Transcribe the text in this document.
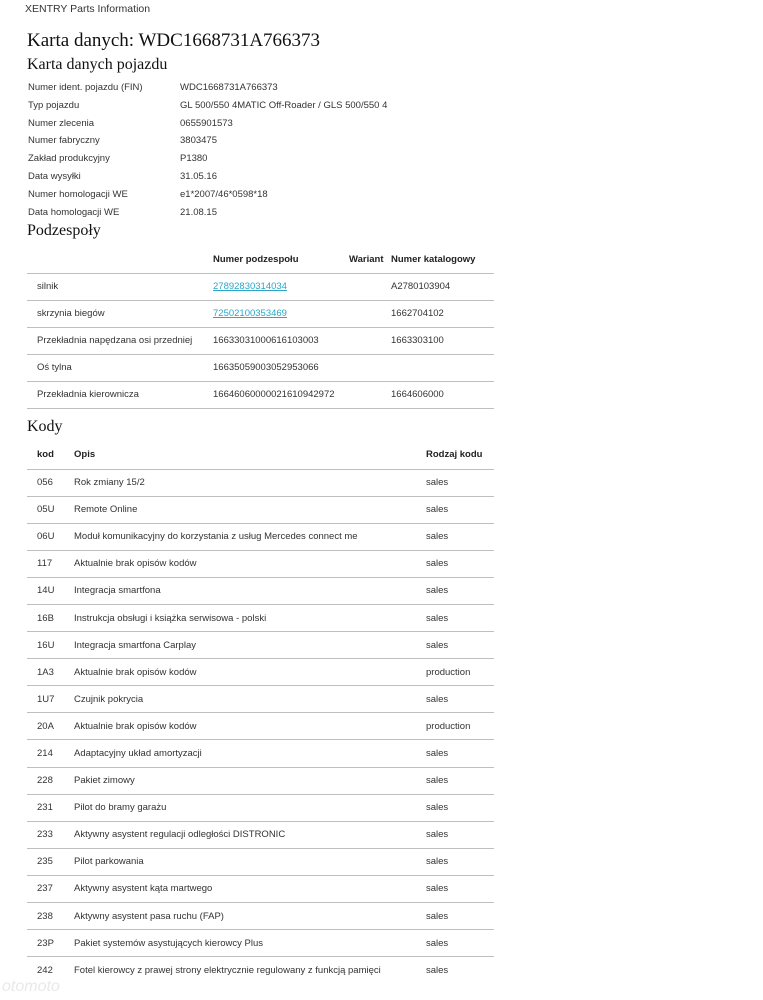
XENTRY Parts Information
Karta danych: WDC1668731A766373
Karta danych pojazdu
Numer ident. pojazdu (FIN)	WDC1668731A766373
Typ pojazdu	GL 500/550 4MATIC Off-Roader / GLS 500/550 4
Numer zlecenia	0655901573
Numer fabryczny	3803475
Zakład produkcyjny	P1380
Data wysyłki	31.05.16
Numer homologacji WE	e1*2007/46*0598*18
Data homologacji WE	21.08.15
Podzespoły
	Numer podzespołu	Wariant	Numer katalogowy
silnik	27892830314034		A2780103904
skrzynia biegów	72502100353469		1662704102
Przekładnia napędzana osi przedniej	16633031000616103003		1663303100
Oś tylna	16635059003052953066		
Przekładnia kierownicza	16646060000021610942972		1664606000
Kody
kod	Opis	Rodzaj kodu
056	Rok zmiany 15/2	sales
05U	Remote Online	sales
06U	Moduł komunikacyjny do korzystania z usług Mercedes connect me	sales
117	Aktualnie brak opisów kodów	sales
14U	Integracja smartfona	sales
16B	Instrukcja obsługi i książka serwisowa - polski	sales
16U	Integracja smartfona Carplay	sales
1A3	Aktualnie brak opisów kodów	production
1U7	Czujnik pokrycia	sales
20A	Aktualnie brak opisów kodów	production
214	Adaptacyjny układ amortyzacji	sales
228	Pakiet zimowy	sales
231	Pilot do bramy garażu	sales
233	Aktywny asystent regulacji odległości DISTRONIC	sales
235	Pilot parkowania	sales
237	Aktywny asystent kąta martwego	sales
238	Aktywny asystent pasa ruchu (FAP)	sales
23P	Pakiet systemów asystujących kierowcy Plus	sales
242	Fotel kierowcy z prawej strony elektrycznie regulowany z funkcją pamięci	sales
otomoto
